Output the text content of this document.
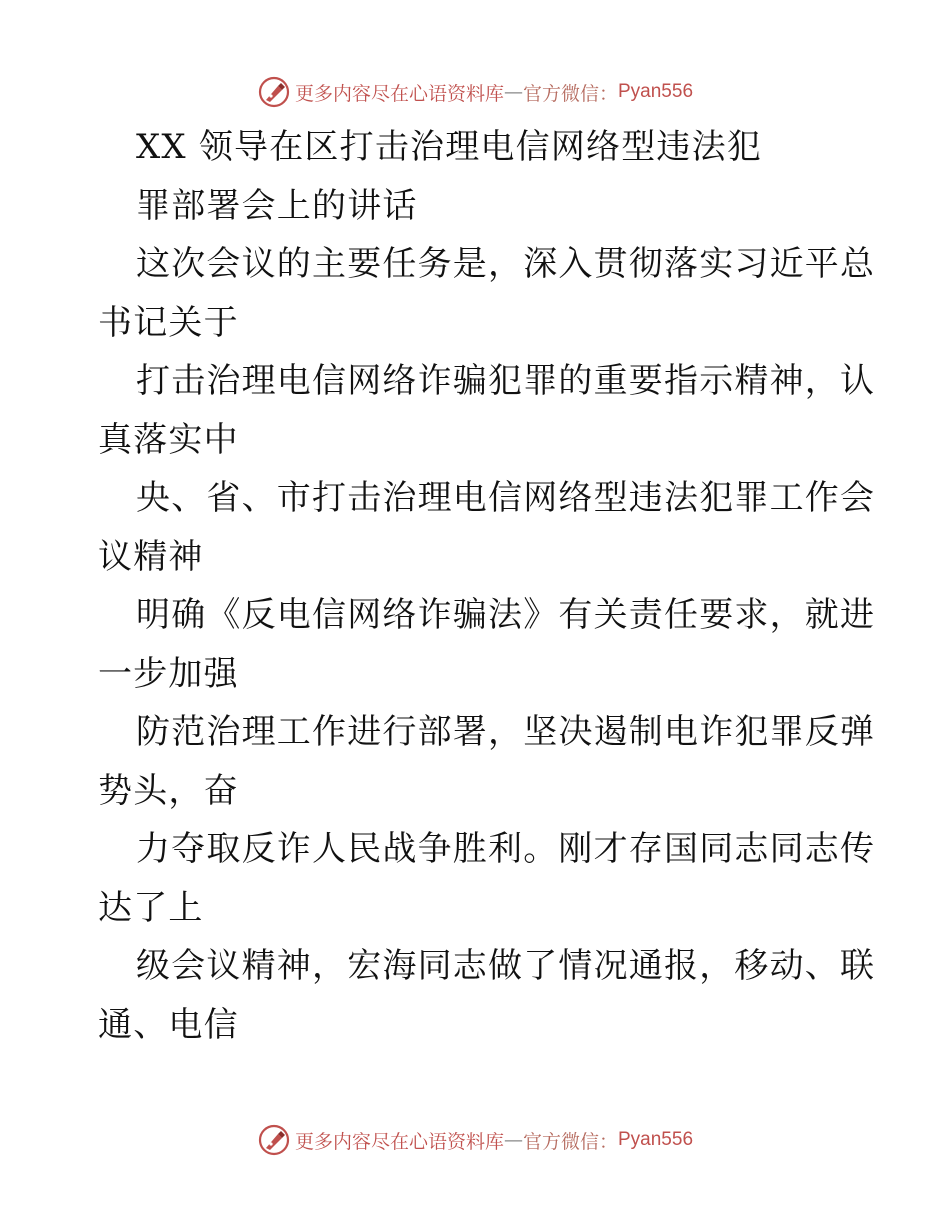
更多内容尽在心语资料库 — 官方微信： Pyan556
XX 领导在区打击治理电信网络型违法犯
罪部署会上的讲话
这次会议的主要任务是，深入贯彻落实习近平总
书记关于
打击治理电信网络诈骗犯罪的重要指示精神，认
真落实中
央、省、市打击治理电信网络型违法犯罪工作会
议精神
明确《反电信网络诈骗法》有关责任要求，就进
一步加强
防范治理工作进行部署，坚决遏制电诈犯罪反弹
势头，奋
力夺取反诈人民战争胜利。刚才存国同志同志传
达了上
级会议精神，宏海同志做了情况通报，移动、联
通、电信
更多内容尽在心语资料库 — 官方微信： Pyan556
